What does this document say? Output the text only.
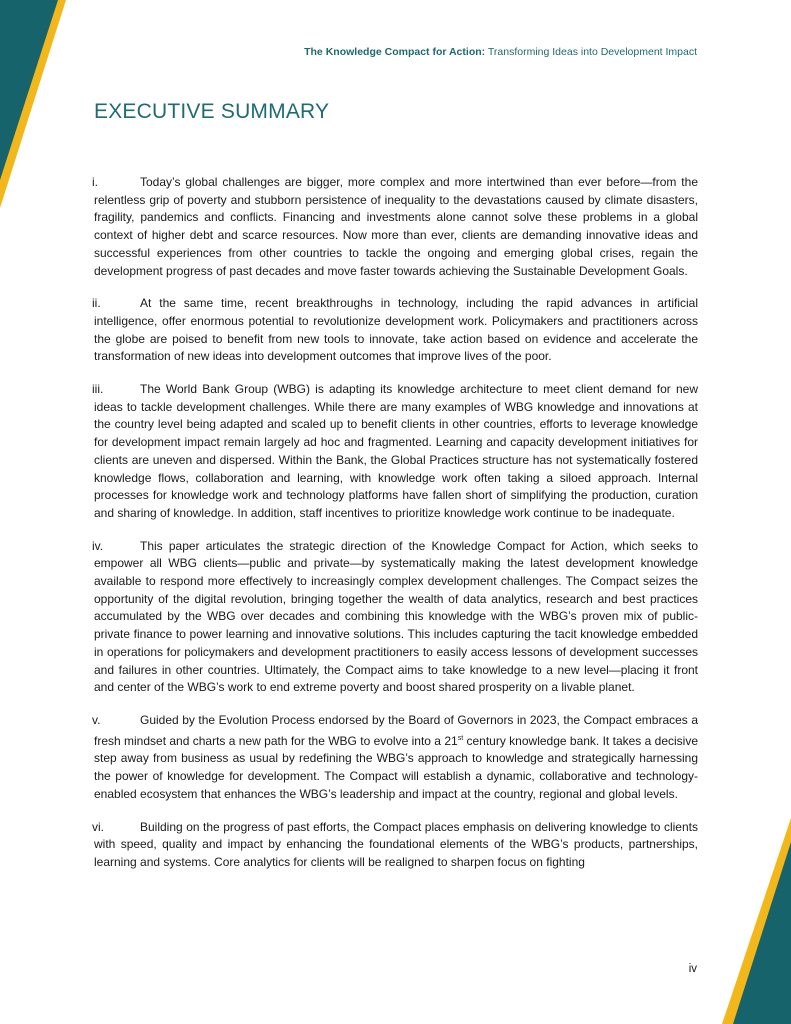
The Knowledge Compact for Action: Transforming Ideas into Development Impact
EXECUTIVE SUMMARY

i.	Today’s global challenges are bigger, more complex and more intertwined than ever before—from the relentless grip of poverty and stubborn persistence of inequality to the devastations caused by climate disasters, fragility, pandemics and conflicts. Financing and investments alone cannot solve these problems in a global context of higher debt and scarce resources. Now more than ever, clients are demanding innovative ideas and successful experiences from other countries to tackle the ongoing and emerging global crises, regain the development progress of past decades and move faster towards achieving the Sustainable Development Goals.

ii.	At the same time, recent breakthroughs in technology, including the rapid advances in artificial intelligence, offer enormous potential to revolutionize development work. Policymakers and practitioners across the globe are poised to benefit from new tools to innovate, take action based on evidence and accelerate the transformation of new ideas into development outcomes that improve lives of the poor.

iii.	The World Bank Group (WBG) is adapting its knowledge architecture to meet client demand for new ideas to tackle development challenges. While there are many examples of WBG knowledge and innovations at the country level being adapted and scaled up to benefit clients in other countries, efforts to leverage knowledge for development impact remain largely ad hoc and fragmented. Learning and capacity development initiatives for clients are uneven and dispersed. Within the Bank, the Global Practices structure has not systematically fostered knowledge flows, collaboration and learning, with knowledge work often taking a siloed approach. Internal processes for knowledge work and technology platforms have fallen short of simplifying the production, curation and sharing of knowledge. In addition, staff incentives to prioritize knowledge work continue to be inadequate.

iv.	This paper articulates the strategic direction of the Knowledge Compact for Action, which seeks to empower all WBG clients—public and private—by systematically making the latest development knowledge available to respond more effectively to increasingly complex development challenges. The Compact seizes the opportunity of the digital revolution, bringing together the wealth of data analytics, research and best practices accumulated by the WBG over decades and combining this knowledge with the WBG’s proven mix of public-private finance to power learning and innovative solutions. This includes capturing the tacit knowledge embedded in operations for policymakers and development practitioners to easily access lessons of development successes and failures in other countries. Ultimately, the Compact aims to take knowledge to a new level—placing it front and center of the WBG’s work to end extreme poverty and boost shared prosperity on a livable planet.

v.	Guided by the Evolution Process endorsed by the Board of Governors in 2023, the Compact embraces a fresh mindset and charts a new path for the WBG to evolve into a 21st century knowledge bank. It takes a decisive step away from business as usual by redefining the WBG’s approach to knowledge and strategically harnessing the power of knowledge for development. The Compact will establish a dynamic, collaborative and technology-enabled ecosystem that enhances the WBG’s leadership and impact at the country, regional and global levels.

vi.	Building on the progress of past efforts, the Compact places emphasis on delivering knowledge to clients with speed, quality and impact by enhancing the foundational elements of the WBG’s products, partnerships, learning and systems. Core analytics for clients will be realigned to sharpen focus on fighting

iv
